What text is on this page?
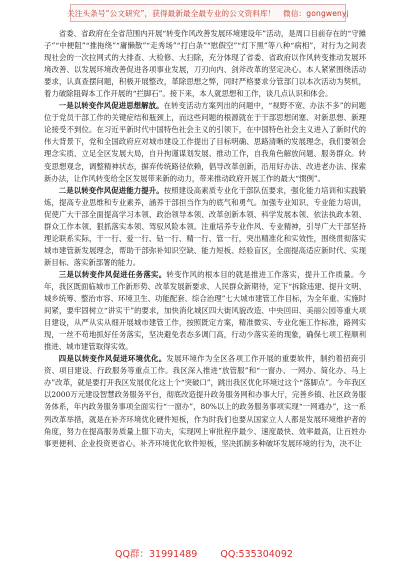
关注头条号“公文研究”，获得最新最全最专业的公文资料库！　微信：gongwenyj

省委、省政府在全省范围内开展“转变作风改善发展环境建设年”活动，是周口目前存在的“守摊子”“中梗阻”“推拖绕”“庸懒散”“走秀场”“打白条”“慰假空”“灯下黑”等八种“病相”，对行为之间表现社会的一次拉网式的大排查、大检修、大扫除，充分体现了省委、省政府以作风转变推动发展环境改善、以发展环境改善促进各项事业发展，刀刃向内、剑斧改革的坚定决心。本人紧紧围绕活动要求，认真查摆问题，积极开展整改，革除思想之弊，同时严格要求分管部门以本次活动为契机，着力破除阻碍本工作开展的“拦脚石”。接下来，本人就思想和工作，谈几点认识和体会。

一是以转变作风促进思想解放。在转变活动方案列出的问题中，“视野不宽、办法不多”的问题位于党员干部工作的关键症结和瓶颈上，而这些问题的根源就在于干部思想闭塞、对新思想、新理论接受不到位。在习近平新时代中国特色社会主义的引领下，在中国特色社会主义进入了新时代的伟大背景下，党和全国政府应对城市建设工作提出了目标明确、思路清晰的发展理念，我们要领会理念实质、立足全区发展大局，自升拘谨谋划发展、推动工作，自我角色解放问题、服务群众。转变思想观念，调整精神状态，摒弃传统路径依赖，倡导改革创新，沿用好办法、改进老办法、探索新办法，让作风转变给全区发展带来新的动力，带来推动政府开展工作的最大“惯例”。

二是以转变作风促进能力提升。按照建设高素质专业化干部队伍要求，强化能力培训和实践锻炼，提高专业思维和专业素养，涵养干部担当作为的底气和勇气。加强专业知识、专业能力培训，促使广大干部全面提高学习本领、政治领导本领、改革创新本领、科学发展本领、依法执政本领、群众工作本领、狠抓落实本领、驾驭风险本领。注重培养专业作风、专业精神，引导广大干部坚持理论联系实际，干一行、爱一行、钻一行、精一行、管一行，突出精准化和实效性，围绕贯彻落实城市建管新发展理念，帮助干部弥补知识空缺、能力短板、经验盲区，全面提高适应新时代、实现新目标、落实新部署的能力。

三是以转变作风促进任务落实。转变作风的根本目的就是推进工作落实，提升工作质量。今年，我区既面临城市工作新形势、改革发展新要求、人民群众新期待，定下“拆除违建、提升文明、城乡统筹、整治市容、环境卫生、功能配套、综合治理”七大城市建管工作目标，为全年重、实施时间紧，要牢固树立“讲实干”的要求，加快消化城区四大街风貌改造、中央回田、美丽公园等重大项目建设，从严从实从细开展城市建管工作，按照既定方案，精准微实、专业化施工作标准，路网实现，一丝不苟地抓好任务落实，坚决避免表态多调门高，行动少落实差的现象，确保七项工程顺利推进、城市建管取得实效。

四是以转变作风促进环境优化。发展环境作为全区各项工作开展的重要软件，制约着招商引资、项目建设、行政服务等重点工作。我区深入推进“放管服”和“一窗办、一网办、简化办、马上办”改革，就是要打开我区发展优化这上个“突破口”，跳出我区优化环境过这个“落脚点”。今年我区以2000万元建设智慧政务服务平台，彻底改造提升政务服务网和办事大厅，完善乡镇、社区政务服务体系，年内政务服务事项全面实行“一窗办”，80%以上的政务服务事项实现“一网通办”，这一系列改革举措，就是在补齐环境优化硬件短板，作为时我们也要从国家立人人都是发展环境维护者的角度，努力在提高服务质量上服下功夫，实现网上审批程序最少、速度最快、效率最高，让百姓办事更便利、企业投资更省心。补齐环境优化软件短板，坚决抓制多种破坏发展环境的行为，决不让

QQ群：31991489 QQ:535304092
